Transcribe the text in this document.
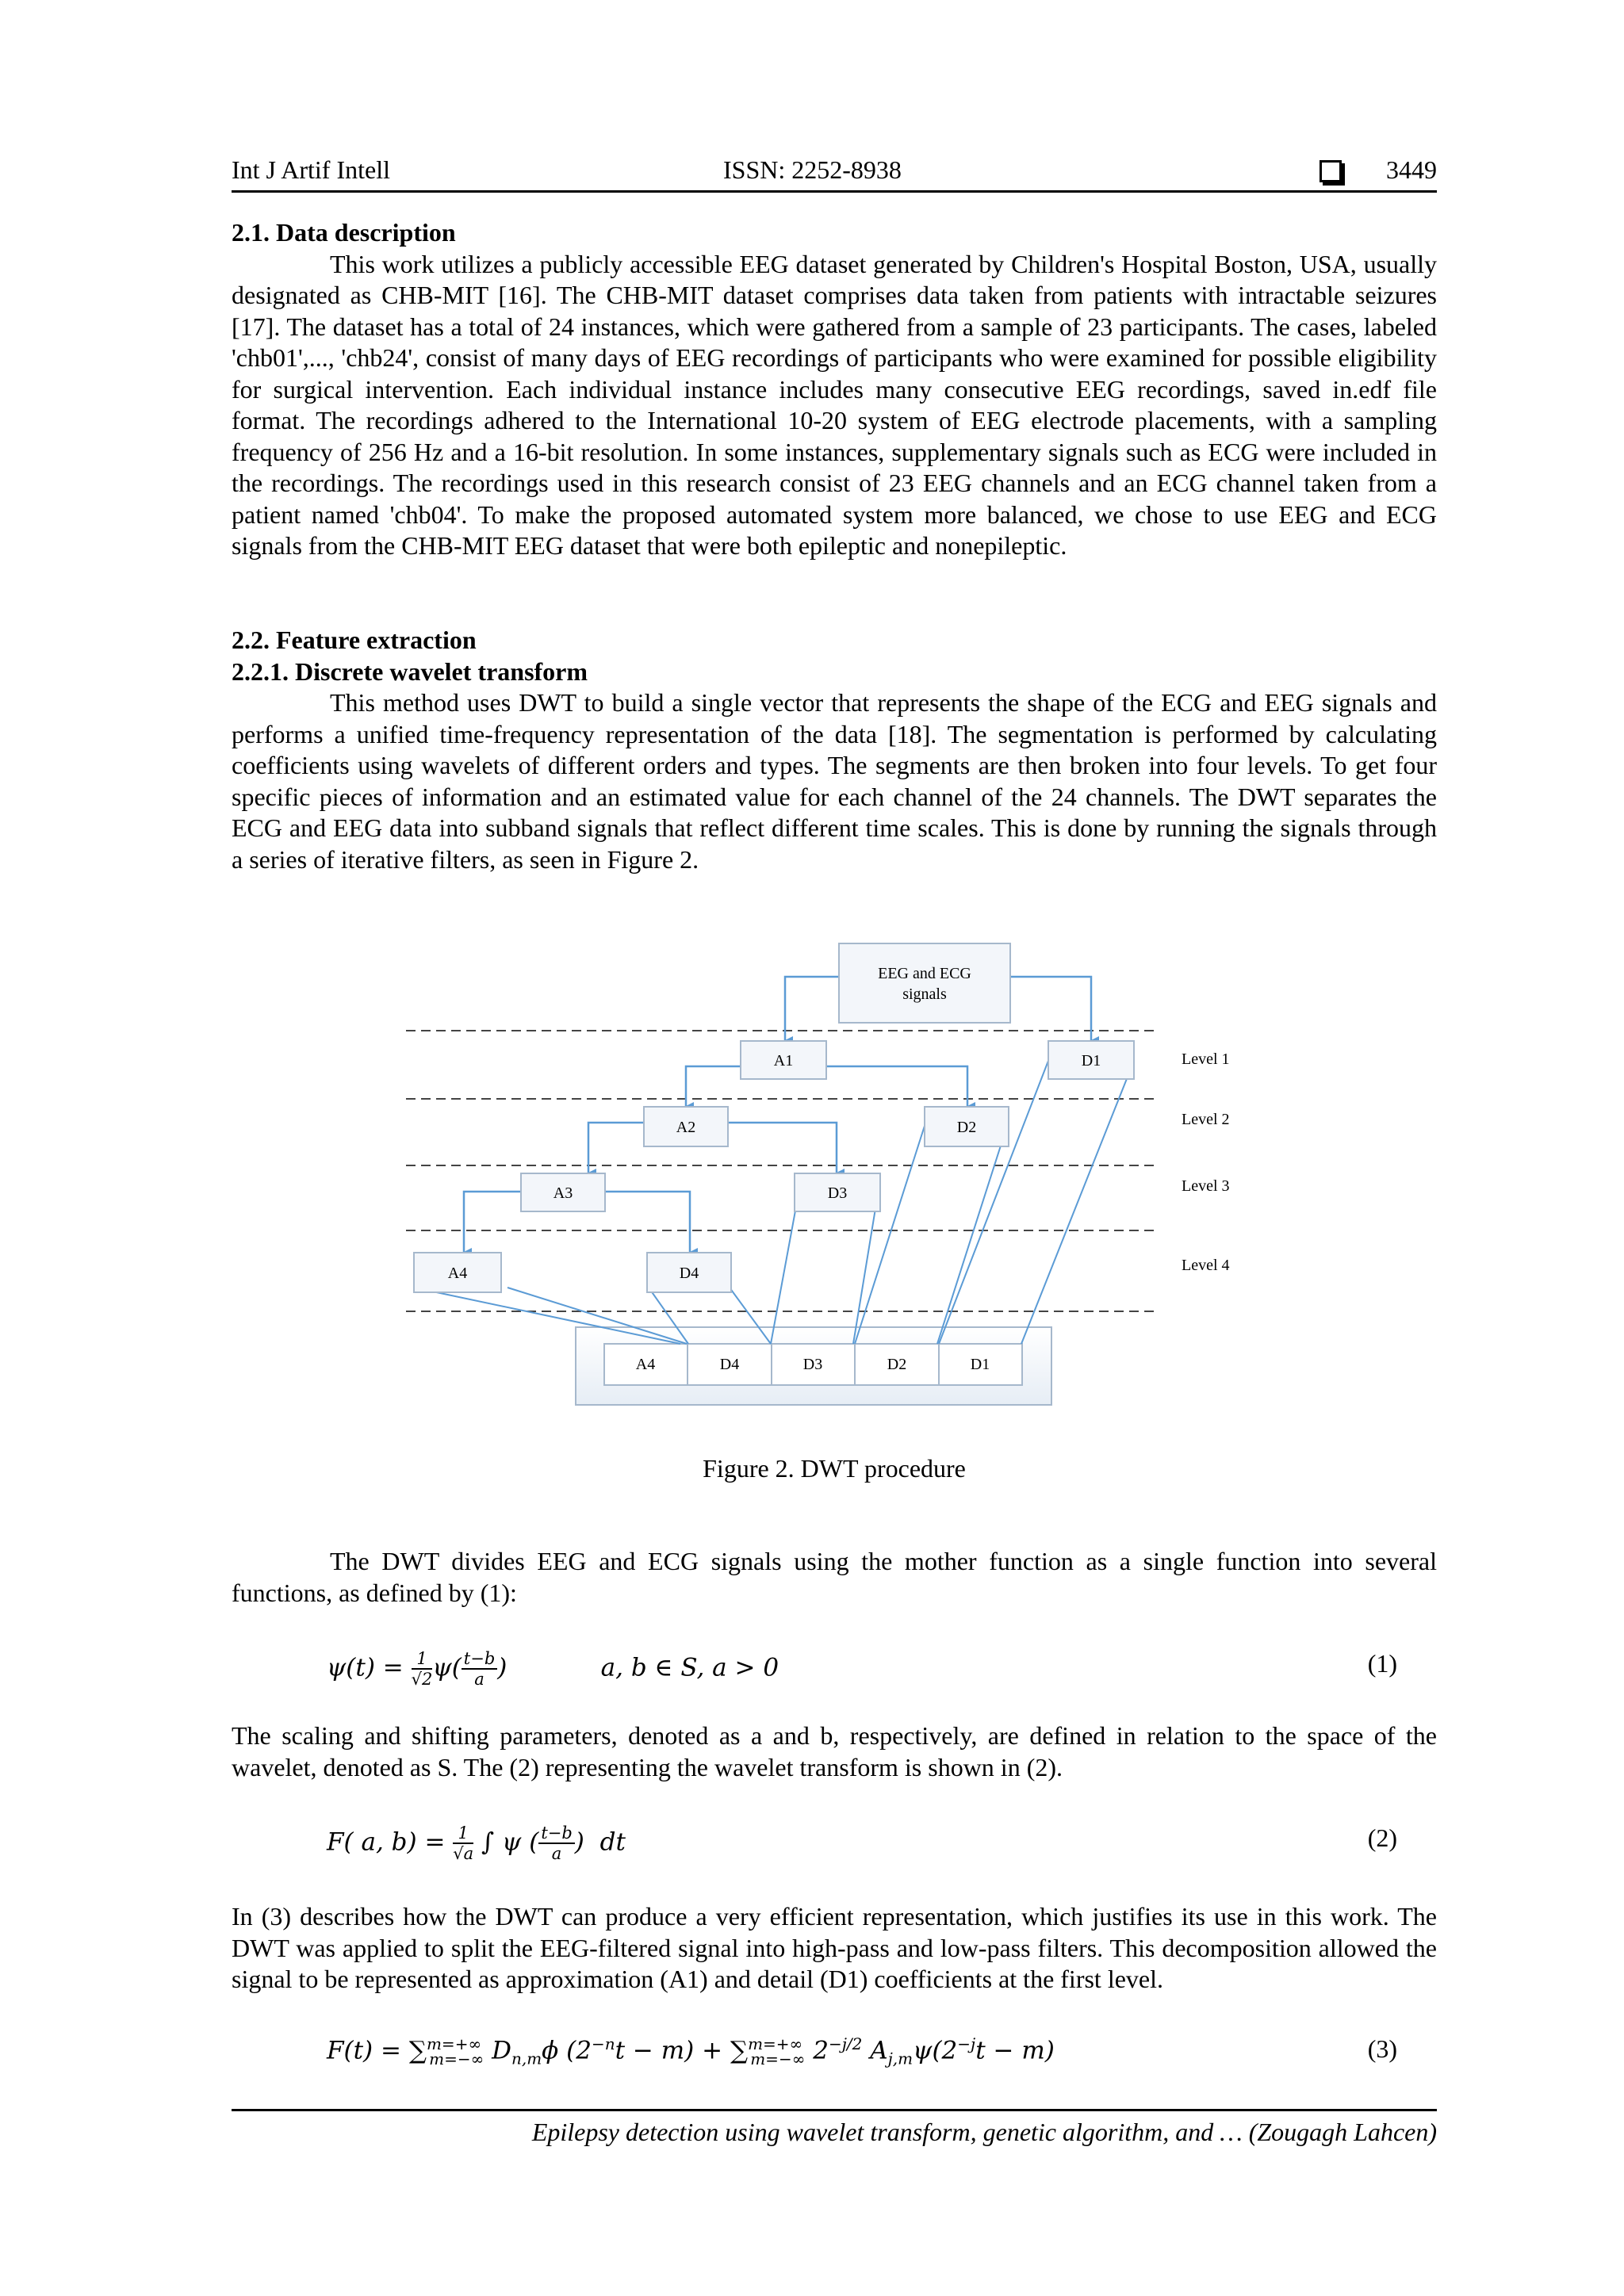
Int J Artif Intell	ISSN: 2252-8938	3449
2.1. Data description

This work utilizes a publicly accessible EEG dataset generated by Children's Hospital Boston, USA, usually designated as CHB-MIT [16]. The CHB-MIT dataset comprises data taken from patients with intractable seizures [17]. The dataset has a total of 24 instances, which were gathered from a sample of 23 participants. The cases, labeled 'chb01',..., 'chb24', consist of many days of EEG recordings of participants who were examined for possible eligibility for surgical intervention. Each individual instance includes many consecutive EEG recordings, saved in.edf file format. The recordings adhered to the International 10-20 system of EEG electrode placements, with a sampling frequency of 256 Hz and a 16-bit resolution. In some instances, supplementary signals such as ECG were included in the recordings. The recordings used in this research consist of 23 EEG channels and an ECG channel taken from a patient named 'chb04'. To make the proposed automated system more balanced, we chose to use EEG and ECG signals from the CHB-MIT EEG dataset that were both epileptic and nonepileptic.

2.2. Feature extraction
2.2.1. Discrete wavelet transform

This method uses DWT to build a single vector that represents the shape of the ECG and EEG signals and performs a unified time-frequency representation of the data [18]. The segmentation is performed by calculating coefficients using wavelets of different orders and types. The segments are then broken into four levels. To get four specific pieces of information and an estimated value for each channel of the 24 channels. The DWT separates the ECG and EEG data into subband signals that reflect different time scales. This is done by running the signals through a series of iterative filters, as seen in Figure 2.

EEG and ECG
signals
A1	D1
A2	D2
A3	D3
A4	D4
Level 1
Level 2
Level 3
Level 4
A4	D4	D3	D2	D1
Figure 2. DWT procedure

The DWT divides EEG and ECG signals using the mother function as a single function into several functions, as defined by (1):

$\psi(t) = \frac{1}{√2} \psi( \frac{t-b}{a}$ )            a, b ∈ S, a > 0	(1)

The scaling and shifting parameters, denoted as a and b, respectively, are defined in relation to the space of the wavelet, denoted as S. The (2) representing the wavelet transform is shown in (2).

F( a, $b) = \frac{1}{√a}$ ∫ ψ ( $\frac{t-b}{a}$ )  dt	(2)

In (3) describes how the DWT can produce a very efficient representation, which justifies its use in this work. The DWT was applied to split the EEG-filtered signal into high-pass and low-pass filters. This decomposition allowed the signal to be represented as approximation (A1) and detail (D1) coefficients at the first level.

F(t) = ∑$^{m=+\infty}_{m=-\infty}$ $D_{n,m}\phi$ $(2^{-n}t - m) + \sum^{m=+\infty}_{m=-\infty}$ $2^{-j/2}$ $A_{j,m}\psi(2^{-j}t - m)$	(3)
Epilepsy detection using wavelet transform, genetic algorithm, and … (Zougagh Lahcen)
